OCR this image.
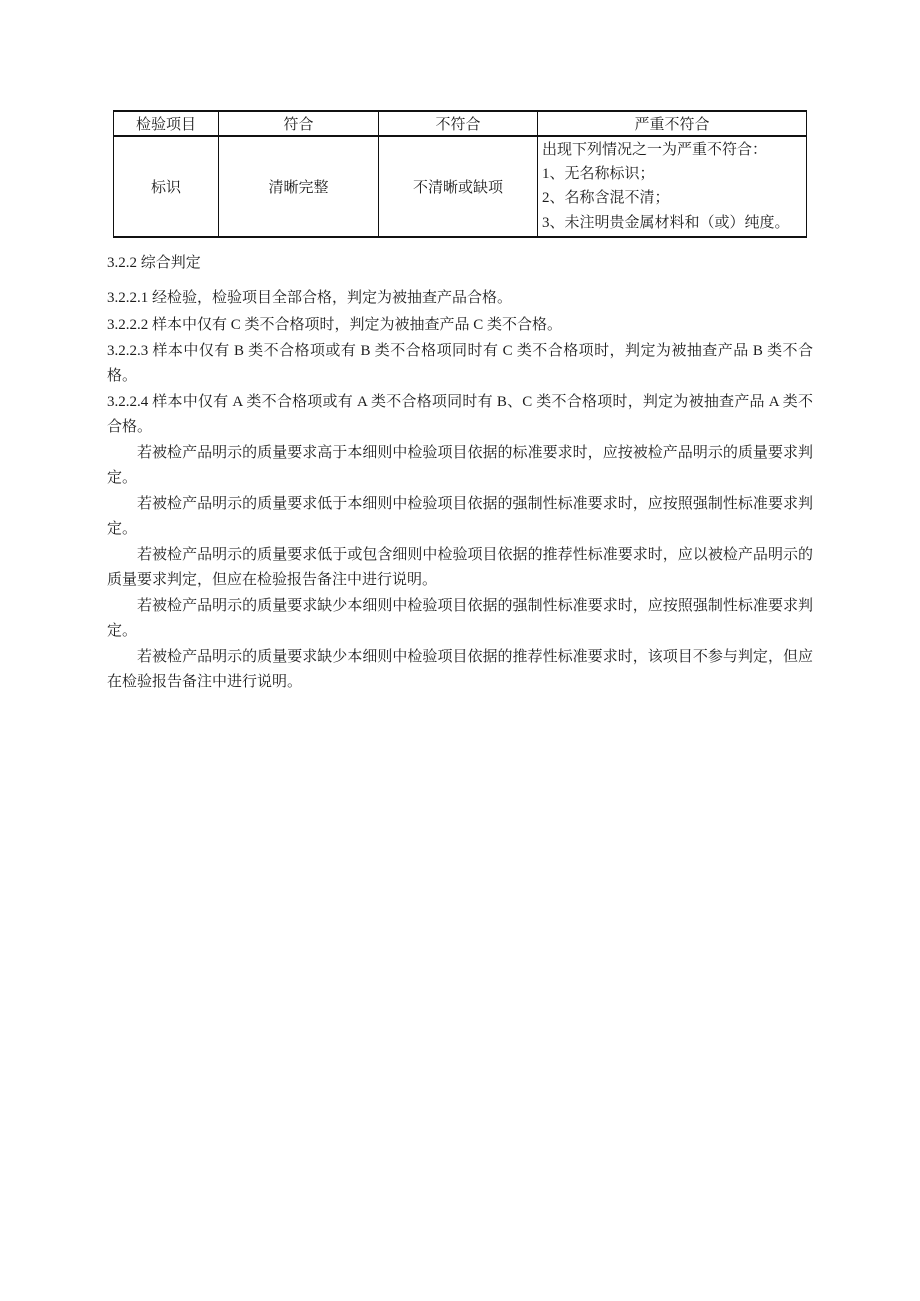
检验项目	符合	不符合	严重不符合
标识	清晰完整	不清晰或缺项	出现下列情况之一为严重不符合：
1、无名称标识；
2、名称含混不清；
3、未注明贵金属材料和（或）纯度。

3.2.2 综合判定

3.2.2.1 经检验，检验项目全部合格，判定为被抽查产品合格。

3.2.2.2 样本中仅有 C 类不合格项时，判定为被抽查产品 C 类不合格。

3.2.2.3 样本中仅有 B 类不合格项或有 B 类不合格项同时有 C 类不合格项时，判定为被抽查产品 B 类不合格。

3.2.2.4 样本中仅有 A 类不合格项或有 A 类不合格项同时有 B、C 类不合格项时，判定为被抽查产品 A 类不合格。

若被检产品明示的质量要求高于本细则中检验项目依据的标准要求时，应按被检产品明示的质量要求判定。

若被检产品明示的质量要求低于本细则中检验项目依据的强制性标准要求时，应按照强制性标准要求判定。

若被检产品明示的质量要求低于或包含细则中检验项目依据的推荐性标准要求时，应以被检产品明示的质量要求判定，但应在检验报告备注中进行说明。

若被检产品明示的质量要求缺少本细则中检验项目依据的强制性标准要求时，应按照强制性标准要求判定。

若被检产品明示的质量要求缺少本细则中检验项目依据的推荐性标准要求时，该项目不参与判定，但应在检验报告备注中进行说明。
